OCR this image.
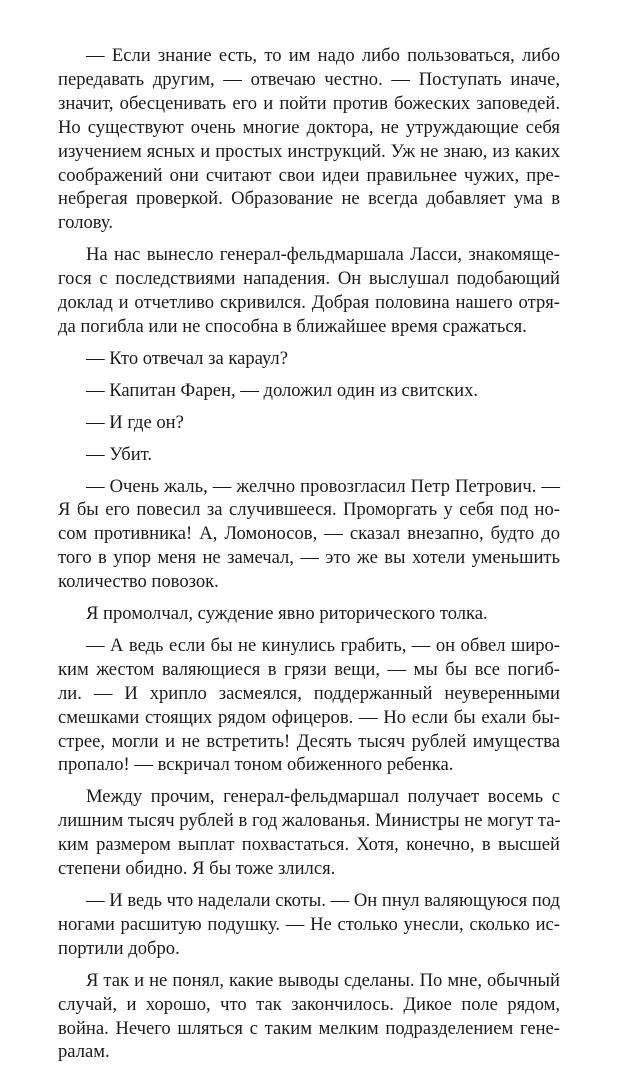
— Если знание есть, то им надо либо пользоваться, либо
передавать другим, — отвечаю честно. — Поступать иначе,
значит, обесценивать его и пойти против божеских заповедей.
Но существуют очень многие доктора, не утруждающие себя
изучением ясных и простых инструкций. Уж не знаю, из каких
соображений они считают свои идеи правильнее чужих, пре-
небрегая проверкой. Образование не всегда добавляет ума в
голову.

На нас вынесло генерал-фельдмаршала Ласси, знакомяще-
гося с последствиями нападения. Он выслушал подобающий
доклад и отчетливо скривился. Добрая половина нашего отря-
да погибла или не способна в ближайшее время сражаться.

— Кто отвечал за караул?

— Капитан Фарен, — доложил один из свитских.

— И где он?

— Убит.

— Очень жаль, — желчно провозгласил Петр Петрович. —
Я бы его повесил за случившееся. Проморгать у себя под но-
сом противника! А, Ломоносов, — сказал внезапно, будто до
того в упор меня не замечал, — это же вы хотели уменьшить
количество повозок.

Я промолчал, суждение явно риторического толка.

— А ведь если бы не кинулись грабить, — он обвел широ-
ким жестом валяющиеся в грязи вещи, — мы бы все погиб-
ли. — И хрипло засмеялся, поддержанный неуверенными
смешками стоящих рядом офицеров. — Но если бы ехали бы-
стрее, могли и не встретить! Десять тысяч рублей имущества
пропало! — вскричал тоном обиженного ребенка.

Между прочим, генерал-фельдмаршал получает восемь с
лишним тысяч рублей в год жалованья. Министры не могут та-
ким размером выплат похвастаться. Хотя, конечно, в высшей
степени обидно. Я бы тоже злился.

— И ведь что наделали скоты. — Он пнул валяющуюся под
ногами расшитую подушку. — Не столько унесли, сколько ис-
портили добро.

Я так и не понял, какие выводы сделаны. По мне, обычный
случай, и хорошо, что так закончилось. Дикое поле рядом,
война. Нечего шляться с таким мелким подразделением гене-
ралам.
